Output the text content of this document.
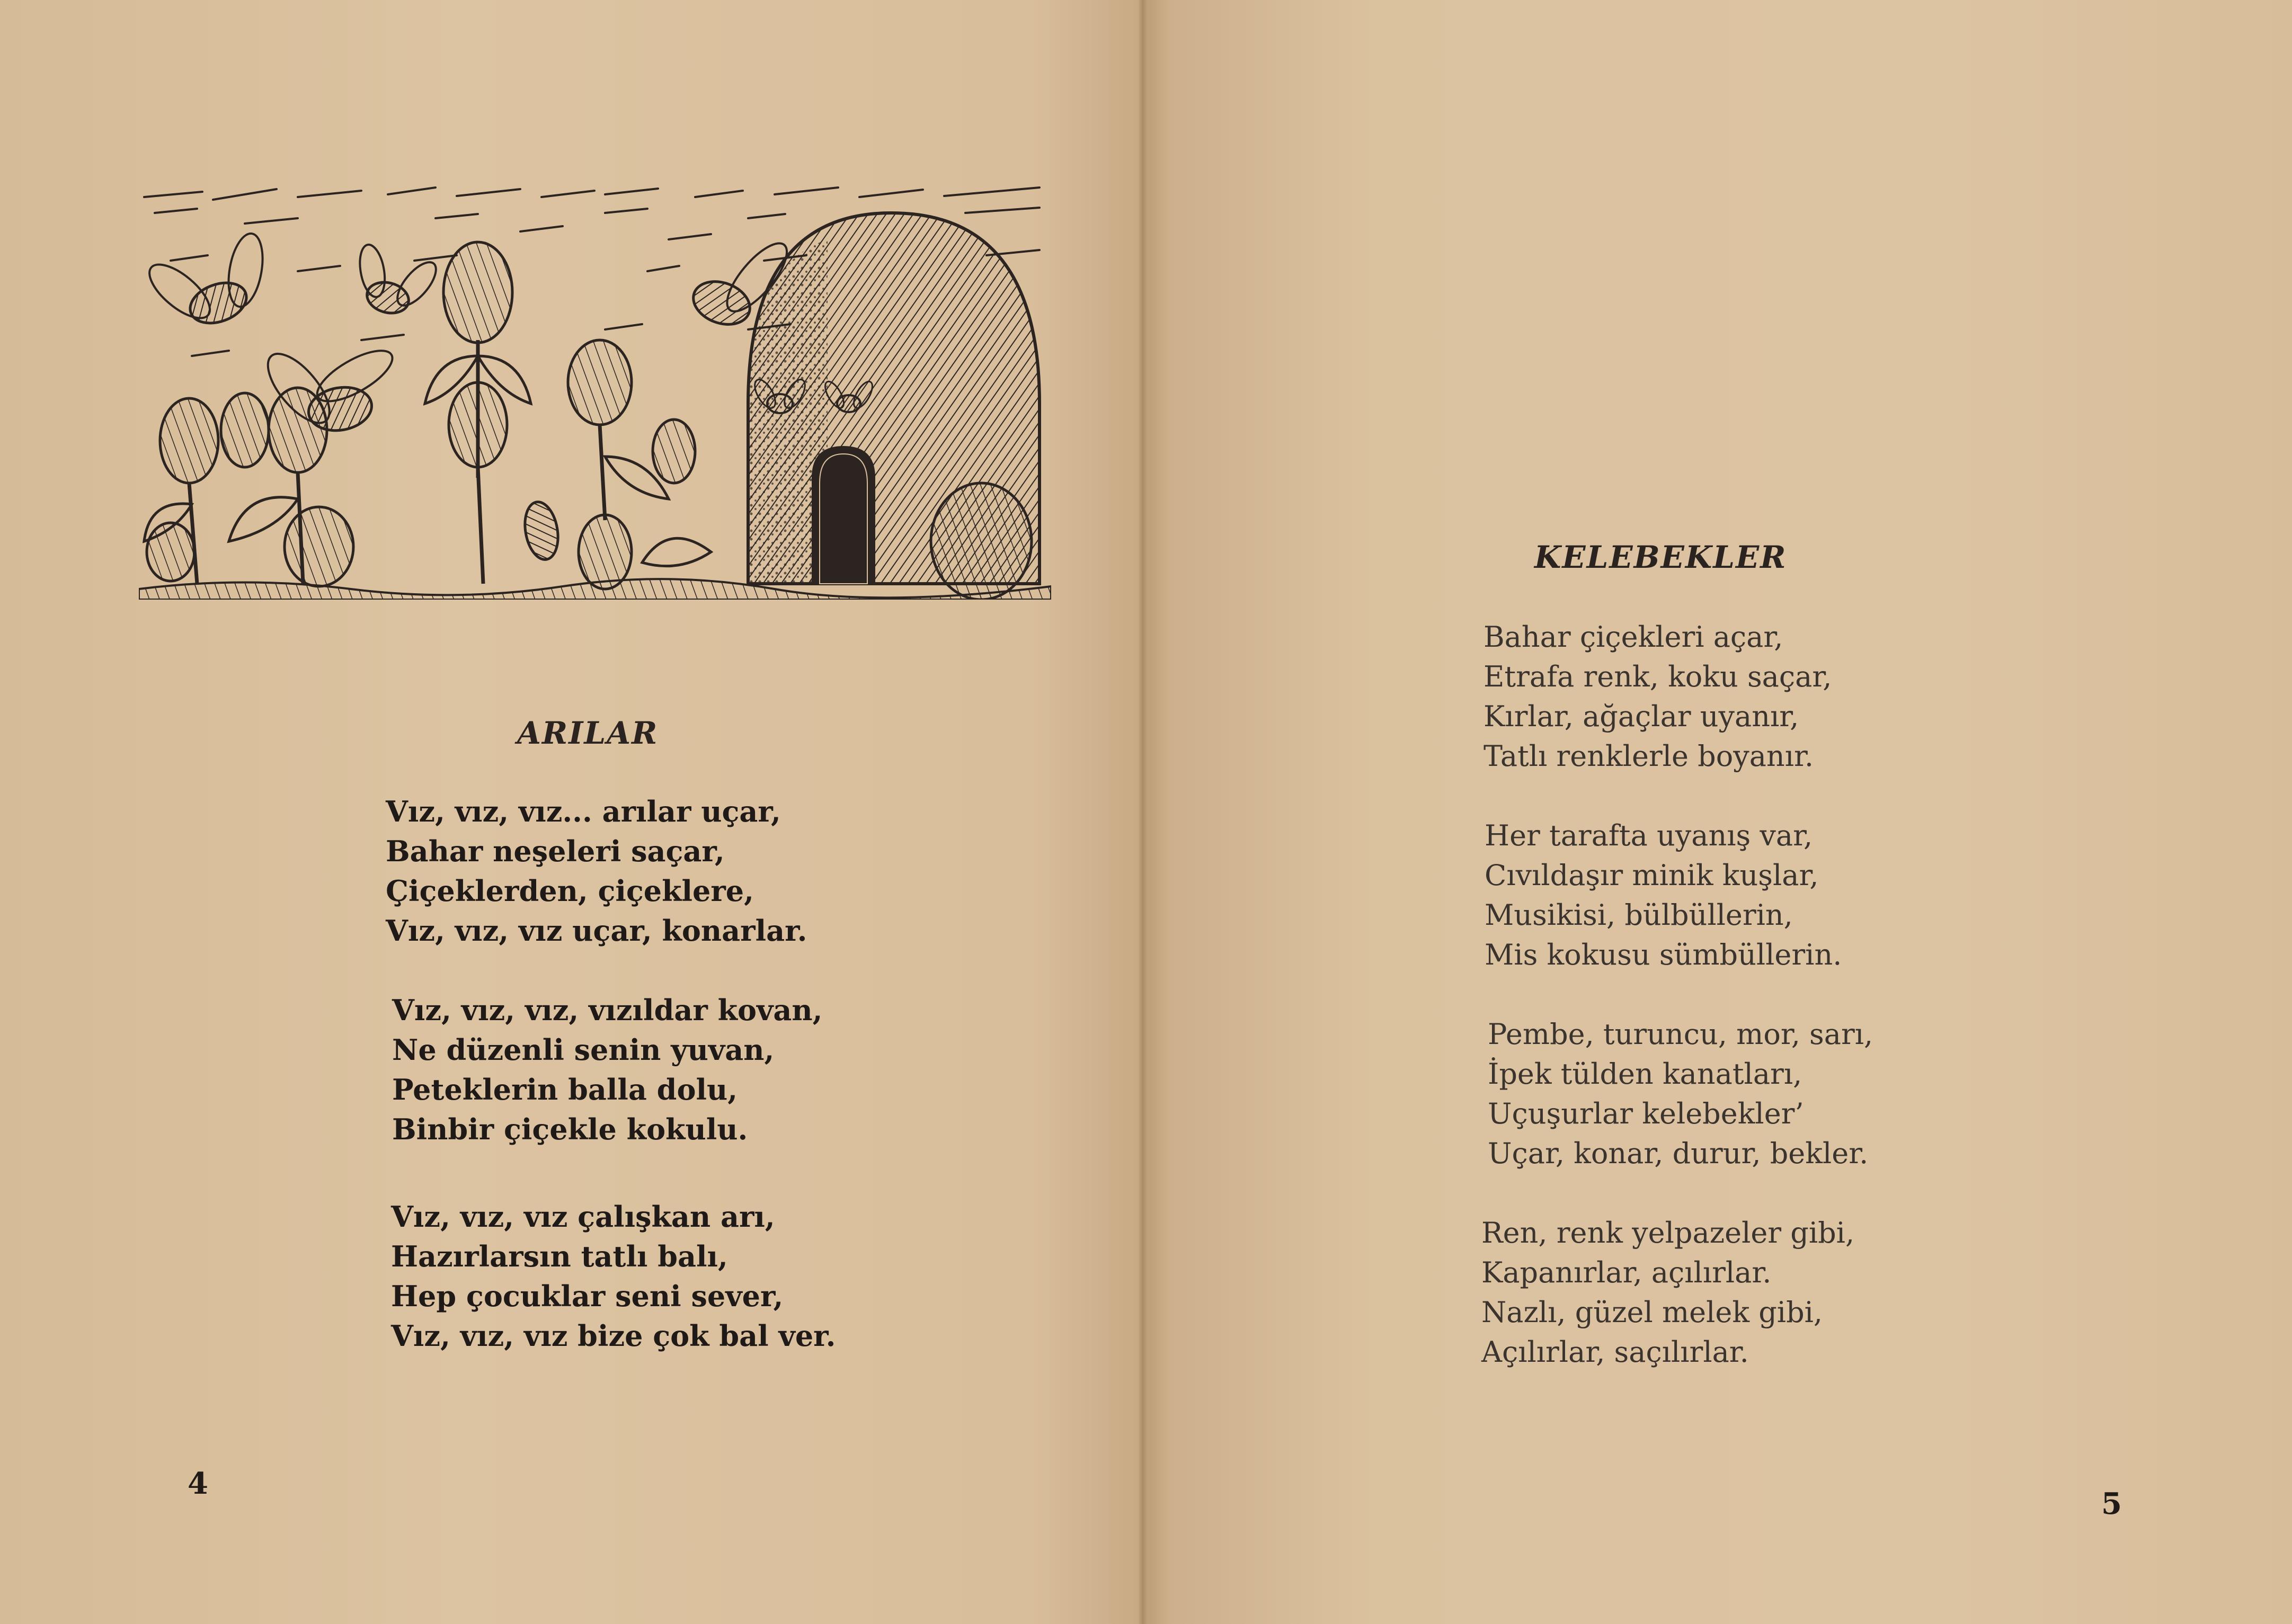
ARILAR
Vız, vız, vız... arılar uçar,
Bahar neşeleri saçar,
Çiçeklerden, çiçeklere,
Vız, vız, vız uçar, konarlar.
Vız, vız, vız, vızıldar kovan,
Ne düzenli senin yuvan,
Peteklerin balla dolu,
Binbir çiçekle kokulu.
Vız, vız, vız çalışkan arı,
Hazırlarsın tatlı balı,
Hep çocuklar seni sever,
Vız, vız, vız bize çok bal ver.
4
KELEBEKLER
Bahar çiçekleri açar,
Etrafa renk, koku saçar,
Kırlar, ağaçlar uyanır,
Tatlı renklerle boyanır.
Her tarafta uyanış var,
Cıvıldaşır minik kuşlar,
Musikisi, bülbüllerin,
Mis kokusu sümbüllerin.
Pembe, turuncu, mor, sarı,
İpek tülden kanatları,
Uçuşurlar kelebekler’
Uçar, konar, durur, bekler.
Ren, renk yelpazeler gibi,
Kapanırlar, açılırlar.
Nazlı, güzel melek gibi,
Açılırlar, saçılırlar.
5
